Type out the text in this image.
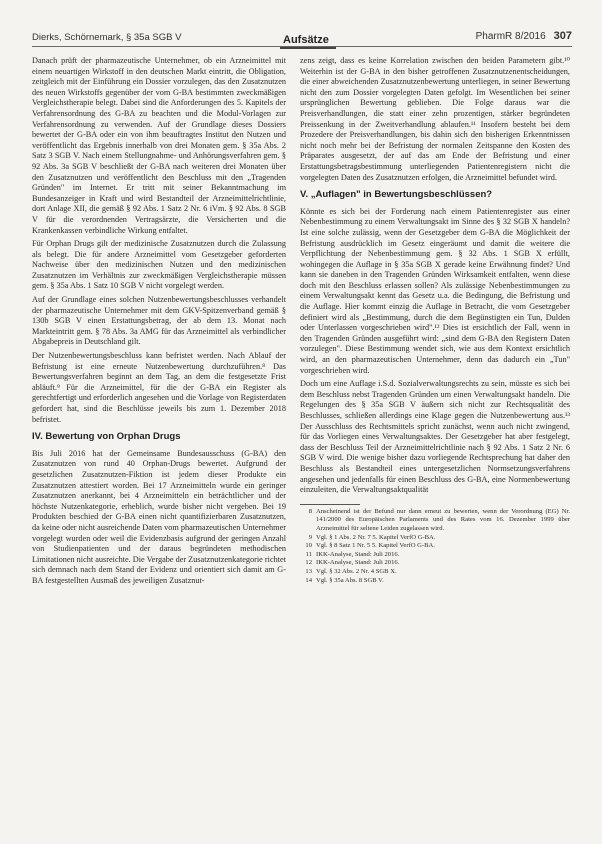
Dierks, Schörnemark, § 35a SGB V	Aufsätze	PharmR 8/2016 307

Danach prüft der pharmazeutische Unternehmer, ob ein Arzneimittel mit einem neuartigen Wirkstoff in den deutschen Markt eintritt, die Obligation, zeitgleich mit der Einführung ein Dossier vorzulegen, das den Zusatznutzen des neuen Wirkstoffs gegenüber der vom G-BA bestimmten zweckmäßigen Vergleichstherapie belegt. Dabei sind die Anforderungen des 5. Kapitels der Verfahrensordnung des G-BA zu beachten und die Modul-Vorlagen zur Verfahrensordnung zu verwenden. Auf der Grundlage dieses Dossiers bewertet der G-BA oder ein von ihm beauftragtes Institut den Nutzen und veröffentlicht das Ergebnis innerhalb von drei Monaten gem. § 35a Abs. 2 Satz 3 SGB V. Nach einem Stellungnahme- und Anhörungsverfahren gem. § 92 Abs. 3a SGB V beschließt der G-BA nach weiteren drei Monaten über den Zusatznutzen und veröffentlicht den Beschluss mit den „Tragenden Gründen" im Internet. Er tritt mit seiner Bekanntmachung im Bundesanzeiger in Kraft und wird Bestandteil der Arzneimittelrichtlinie, dort Anlage XII, die gemäß § 92 Abs. 1 Satz 2 Nr. 6 iVm. § 92 Abs. 8 SGB V für die verordnenden Vertragsärzte, die Versicherten und die Krankenkassen verbindliche Wirkung entfaltet.

Für Orphan Drugs gilt der medizinische Zusatznutzen durch die Zulassung als belegt. Die für andere Arzneimittel vom Gesetzgeber geforderten Nachweise über den medizinischen Nutzen und den medizinischen Zusatznutzen im Verhältnis zur zweckmäßigen Vergleichstherapie müssen gem. § 35a Abs. 1 Satz 10 SGB V nicht vorgelegt werden.

Auf der Grundlage eines solchen Nutzenbewertungsbeschlusses verhandelt der pharmazeutische Unternehmer mit dem GKV-Spitzenverband gemäß § 130b SGB V einen Erstattungsbetrag, der ab dem 13. Monat nach Markteintritt gem. § 78 Abs. 3a AMG für das Arzneimittel als verbindlicher Abgabepreis in Deutschland gilt.

Der Nutzenbewertungsbeschluss kann befristet werden. Nach Ablauf der Befristung ist eine erneute Nutzenbewertung durchzuführen.⁸ Das Bewertungsverfahren beginnt an dem Tag, an dem die festgesetzte Frist abläuft.⁹ Für die Arzneimittel, für die der G-BA ein Register als gerechtfertigt und erforderlich angesehen und die Vorlage von Registerdaten gefordert hat, sind die Beschlüsse jeweils bis zum 1. Dezember 2018 befristet.

IV. Bewertung von Orphan Drugs

Bis Juli 2016 hat der Gemeinsame Bundesausschuss (G-BA) den Zusatznutzen von rund 40 Orphan-Drugs bewertet. Aufgrund der gesetzlichen Zusatznutzen-Fiktion ist jedem dieser Produkte ein Zusatznutzen attestiert worden. Bei 17 Arzneimitteln wurde ein geringer Zusatznutzen anerkannt, bei 4 Arzneimitteln ein beträchtlicher und der höchste Nutzenkategorie, erheblich, wurde bisher nicht vergeben. Bei 19 Produkten beschied der G-BA einen nicht quantifizierbaren Zusatznutzen, da keine oder nicht ausreichende Daten vom pharmazeutischen Unternehmer vorgelegt wurden oder weil die Evidenzbasis aufgrund der geringen Anzahl von Studienpatienten und der daraus begründeten methodischen Limitationen nicht ausreichte. Die Vergabe der Zusatznutzenkategorie richtet sich demnach nach dem Stand der Evidenz und orientiert sich damit am G-BA festgestellten Ausmaß des jeweiligen Zusatznut-

zens zeigt, dass es keine Korrelation zwischen den beiden Parametern gibt.¹⁰ Weiterhin ist der G-BA in den bisher getroffenen Zusatznutzenentscheidungen, die einer abweichenden Zusatznutzenbewertung unterliegen, in seiner Bewertung nicht den zum Dossier vorgelegten Daten gefolgt. Im Wesentlichen bei seiner ursprünglichen Bewertung geblieben. Die Folge daraus war die Preisverhandlungen, die statt einer zehn prozentigen, stärker begründeten Preissenkung in der Zweitverhandlung ablaufen.¹¹ Insofern besteht bei dem Prozedere der Preisverhandlungen, bis dahin sich den bisherigen Erkenntnissen nicht noch mehr bei der Befristung der normalen Zeitspanne den Kosten des Präparates ausgesetzt, der auf das am Ende der Befristung und einer Erstattungsbetragsbestimmung unterliegenden Patientenregistern nicht die vorgelegten Daten des Zusatznutzen erfolgen, die Arzneimittel befundet wird.

V. „Auflagen" in Bewertungsbeschlüssen?

Könnte es sich bei der Forderung nach einem Patientenregister aus einer Nebenbestimmung zu einem Verwaltungsakt im Sinne des § 32 SGB X handeln? Ist eine solche zulässig, wenn der Gesetzgeber dem G-BA die Möglichkeit der Befristung ausdrücklich im Gesetz eingeräumt und damit die weitere die Verpflichtung der Nebenbestimmung gem. § 32 Abs. 1 SGB X erfüllt, wohingegen die Auflage in § 35a SGB X gerade keine Erwähnung findet? Und kann sie daneben in den Tragenden Gründen Wirksamkeit entfalten, wenn diese doch mit den Beschluss erlassen sollen? Als zulässige Nebenbestimmungen zu einem Verwaltungsakt kennt das Gesetz u.a. die Bedingung, die Befristung und die Auflage. Hier kommt einzig die Auflage in Betracht, die vom Gesetzgeber definiert wird als „Bestimmung, durch die dem Begünstigten ein Tun, Dulden oder Unterlassen vorgeschrieben wird".¹² Dies ist ersichtlich der Fall, wenn in den Tragenden Gründen ausgeführt wird: „sind dem G-BA den Registern Daten vorzulegen". Diese Bestimmung wendet sich, wie aus dem Kontext ersichtlich wird, an den pharmazeutischen Unternehmer, denn das dadurch ein „Tun" vorgeschrieben wird.

Doch um eine Auflage i.S.d. Sozialverwaltungsrechts zu sein, müsste es sich bei dem Beschluss nebst Tragenden Gründen um einen Verwaltungsakt handeln. Die Regelungen des § 35a SGB V äußern sich nicht zur Rechtsqualität des Beschlusses, schließen allerdings eine Klage gegen die Nutzenbewertung aus.¹³ Der Ausschluss des Rechtsmittels spricht zunächst, wenn auch nicht zwingend, für das Vorliegen eines Verwaltungsaktes. Der Gesetzgeber hat aber festgelegt, dass der Beschluss Teil der Arzneimittelrichtlinie nach § 92 Abs. 1 Satz 2 Nr. 6 SGB V wird. Die wenige bisher dazu vorliegende Rechtsprechung hat daher den Beschluss als Bestandteil eines untergesetzlichen Normsetzungsverfahrens angesehen und jedenfalls für einen Beschluss des G-BA, eine Normenbewertung einzuleiten, die Verwaltungsaktqualität

8 Anscheinend ist der Befund nur dann erneut zu bewerten, wenn der Verordnung (EG) Nr. 141/2000 des Europäischen Parlaments und des Rates vom 16. Dezember 1999 über Arzneimittel für seltene Leiden zugelassen wird.
9 Vgl. § 1 Abs. 2 Nr. 7 5. Kapitel VerfO G-BA.
10 Vgl. § 8 Satz 1 Nr. 5 5. Kapitel VerfO G-BA.
11 IKK-Analyse, Stand: Juli 2016.
12 IKK-Analyse, Stand: Juli 2016.
13 Vgl. § 32 Abs. 2 Nr. 4 SGB X.
14 Vgl. § 35a Abs. 8 SGB V.
